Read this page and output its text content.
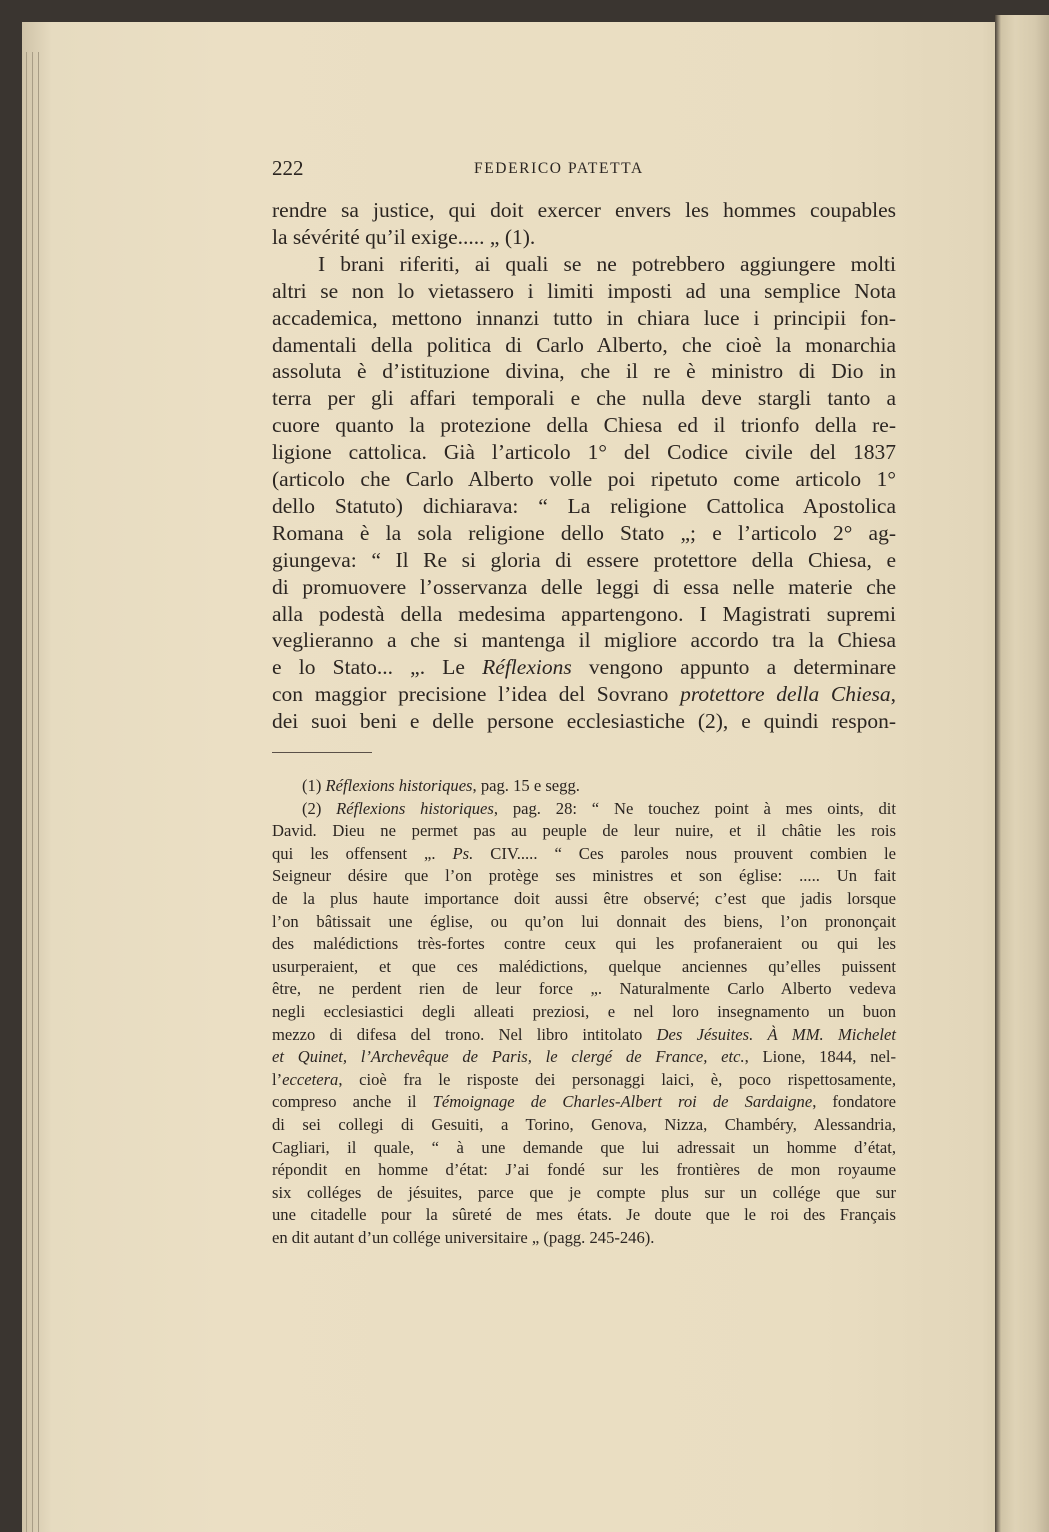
222	FEDERICO PATETTA
rendre sa justice, qui doit exercer envers les hommes coupables
la sévérité qu’il exige..... „ (1).
I brani riferiti, ai quali se ne potrebbero aggiungere molti
altri se non lo vietassero i limiti imposti ad una semplice Nota
accademica, mettono innanzi tutto in chiara luce i principii fon-
damentali della politica di Carlo Alberto, che cioè la monarchia
assoluta è d’istituzione divina, che il re è ministro di Dio in
terra per gli affari temporali e che nulla deve stargli tanto a
cuore quanto la protezione della Chiesa ed il trionfo della re-
ligione cattolica. Già l’articolo 1° del Codice civile del 1837
(articolo che Carlo Alberto volle poi ripetuto come articolo 1°
dello Statuto) dichiarava: “ La religione Cattolica Apostolica
Romana è la sola religione dello Stato „; e l’articolo 2° ag-
giungeva: “ Il Re si gloria di essere protettore della Chiesa, e
di promuovere l’osservanza delle leggi di essa nelle materie che
alla podestà della medesima appartengono. I Magistrati supremi
veglieranno a che si mantenga il migliore accordo tra la Chiesa
e lo Stato... „. Le Réflexions vengono appunto a determinare
con maggior precisione l’idea del Sovrano protettore della Chiesa,
dei suoi beni e delle persone ecclesiastiche (2), e quindi respon-
(1) Réflexions historiques, pag. 15 e segg.
(2) Réflexions historiques, pag. 28: “ Ne touchez point à mes oints, dit
David. Dieu ne permet pas au peuple de leur nuire, et il châtie les rois
qui les offensent „. Ps. CIV..... “ Ces paroles nous prouvent combien le
Seigneur désire que l’on protège ses ministres et son église: ..... Un fait
de la plus haute importance doit aussi être observé; c’est que jadis lorsque
l’on bâtissait une église, ou qu’on lui donnait des biens, l’on prononçait
des malédictions très-fortes contre ceux qui les profaneraient ou qui les
usurperaient, et que ces malédictions, quelque anciennes qu’elles puissent
être, ne perdent rien de leur force „. Naturalmente Carlo Alberto vedeva
negli ecclesiastici degli alleati preziosi, e nel loro insegnamento un buon
mezzo di difesa del trono. Nel libro intitolato Des Jésuites. À MM. Michelet
et Quinet, l’Archevêque de Paris, le clergé de France, etc., Lione, 1844, nel-
l’eccetera, cioè fra le risposte dei personaggi laici, è, poco rispettosamente,
compreso anche il Témoignage de Charles-Albert roi de Sardaigne, fondatore
di sei collegi di Gesuiti, a Torino, Genova, Nizza, Chambéry, Alessandria,
Cagliari, il quale, “ à une demande que lui adressait un homme d’état,
répondit en homme d’état: J’ai fondé sur les frontières de mon royaume
six colléges de jésuites, parce que je compte plus sur un collége que sur
une citadelle pour la sûreté de mes états. Je doute que le roi des Français
en dit autant d’un collége universitaire „ (pagg. 245-246).
